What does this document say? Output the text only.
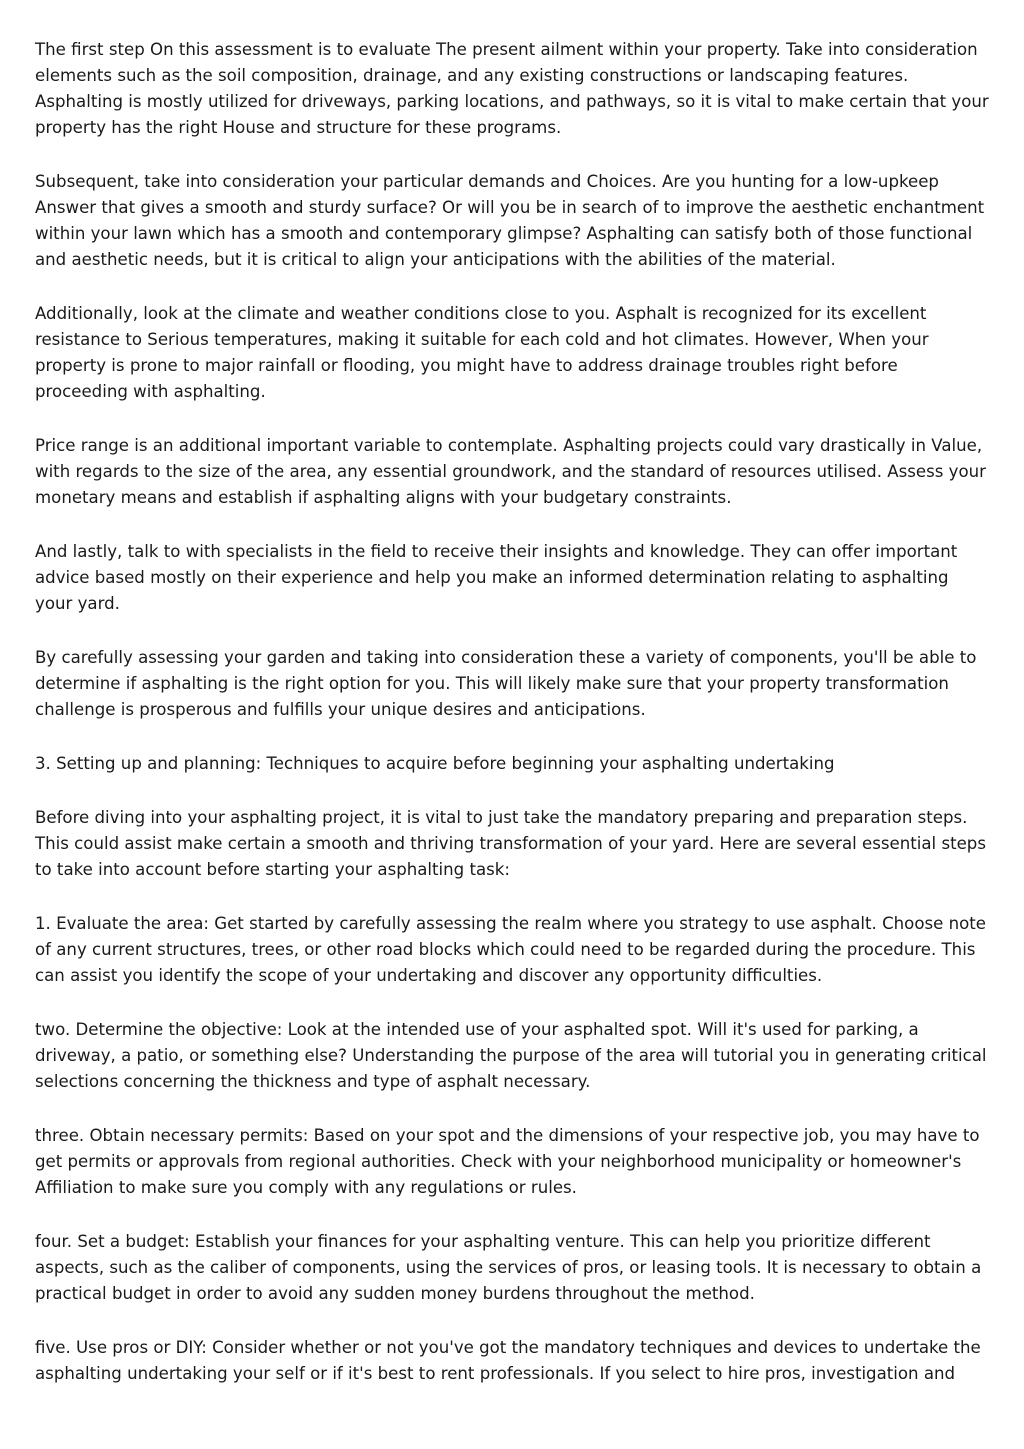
The first step On this assessment is to evaluate The present ailment within your property. Take into consideration elements such as the soil composition, drainage, and any existing constructions or landscaping features. Asphalting is mostly utilized for driveways, parking locations, and pathways, so it is vital to make certain that your property has the right House and structure for these programs.

Subsequent, take into consideration your particular demands and Choices. Are you hunting for a low-upkeep Answer that gives a smooth and sturdy surface? Or will you be in search of to improve the aesthetic enchantment within your lawn which has a smooth and contemporary glimpse? Asphalting can satisfy both of those functional and aesthetic needs, but it is critical to align your anticipations with the abilities of the material.

Additionally, look at the climate and weather conditions close to you. Asphalt is recognized for its excellent resistance to Serious temperatures, making it suitable for each cold and hot climates. However, When your property is prone to major rainfall or flooding, you might have to address drainage troubles right before proceeding with asphalting.

Price range is an additional important variable to contemplate. Asphalting projects could vary drastically in Value, with regards to the size of the area, any essential groundwork, and the standard of resources utilised. Assess your monetary means and establish if asphalting aligns with your budgetary constraints.

And lastly, talk to with specialists in the field to receive their insights and knowledge. They can offer important advice based mostly on their experience and help you make an informed determination relating to asphalting your yard.

By carefully assessing your garden and taking into consideration these a variety of components, you'll be able to determine if asphalting is the right option for you. This will likely make sure that your property transformation challenge is prosperous and fulfills your unique desires and anticipations.

3. Setting up and planning: Techniques to acquire before beginning your asphalting undertaking

Before diving into your asphalting project, it is vital to just take the mandatory preparing and preparation steps. This could assist make certain a smooth and thriving transformation of your yard. Here are several essential steps to take into account before starting your asphalting task:

1. Evaluate the area: Get started by carefully assessing the realm where you strategy to use asphalt. Choose note of any current structures, trees, or other road blocks which could need to be regarded during the procedure. This can assist you identify the scope of your undertaking and discover any opportunity difficulties.

two. Determine the objective: Look at the intended use of your asphalted spot. Will it's used for parking, a driveway, a patio, or something else? Understanding the purpose of the area will tutorial you in generating critical selections concerning the thickness and type of asphalt necessary.

three. Obtain necessary permits: Based on your spot and the dimensions of your respective job, you may have to get permits or approvals from regional authorities. Check with your neighborhood municipality or homeowner's Affiliation to make sure you comply with any regulations or rules.

four. Set a budget: Establish your finances for your asphalting venture. This can help you prioritize different aspects, such as the caliber of components, using the services of pros, or leasing tools. It is necessary to obtain a practical budget in order to avoid any sudden money burdens throughout the method.

five. Use pros or DIY: Consider whether or not you've got the mandatory techniques and devices to undertake the asphalting undertaking your self or if it's best to rent professionals. If you select to hire pros, investigation and
